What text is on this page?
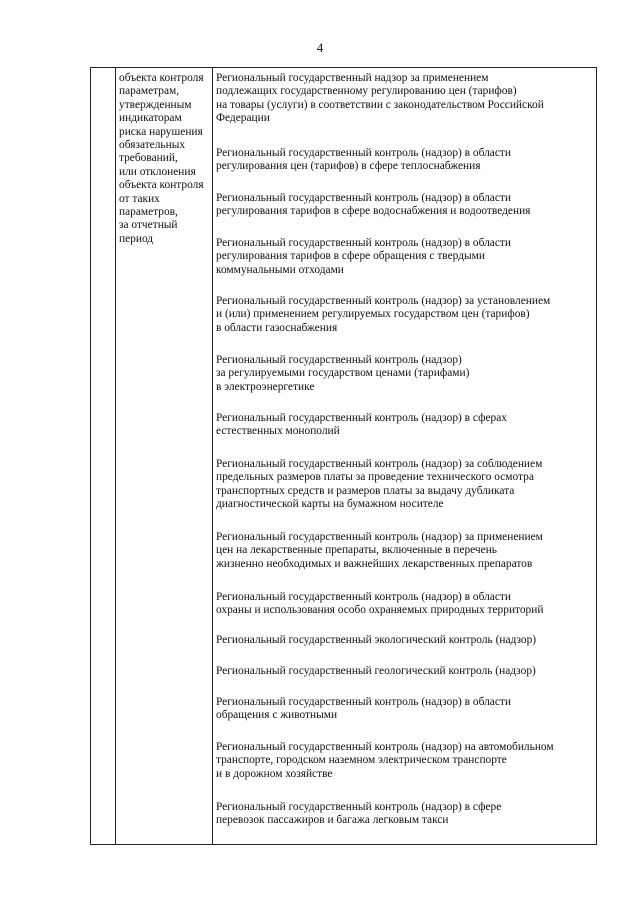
4
объекта контроля
параметрам,
утвержденным
индикаторам
риска нарушения
обязательных
требований,
или отклонения
объекта контроля
от таких
параметров,
за отчетный
период
Региональный государственный надзор за применением
подлежащих государственному регулированию цен (тарифов)
на товары (услуги) в соответствии с законодательством Российской
Федерации
Региональный государственный контроль (надзор) в области
регулирования цен (тарифов) в сфере теплоснабжения
Региональный государственный контроль (надзор) в области
регулирования тарифов в сфере водоснабжения и водоотведения
Региональный государственный контроль (надзор) в области
регулирования тарифов в сфере обращения с твердыми
коммунальными отходами
Региональный государственный контроль (надзор) за установлением
и (или) применением регулируемых государством цен (тарифов)
в области газоснабжения
Региональный государственный контроль (надзор)
за регулируемыми государством ценами (тарифами)
в электроэнергетике
Региональный государственный контроль (надзор) в сферах
естественных монополий
Региональный государственный контроль (надзор) за соблюдением
предельных размеров платы за проведение технического осмотра
транспортных средств и размеров платы за выдачу дубликата
диагностической карты на бумажном носителе
Региональный государственный контроль (надзор) за применением
цен на лекарственные препараты, включенные в перечень
жизненно необходимых и важнейших лекарственных препаратов
Региональный государственный контроль (надзор) в области
охраны и использования особо охраняемых природных территорий
Региональный государственный экологический контроль (надзор)
Региональный государственный геологический контроль (надзор)
Региональный государственный контроль (надзор) в области
обращения с животными
Региональный государственный контроль (надзор) на автомобильном
транспорте, городском наземном электрическом транспорте
и в дорожном хозяйстве
Региональный государственный контроль (надзор) в сфере
перевозок пассажиров и багажа легковым такси
